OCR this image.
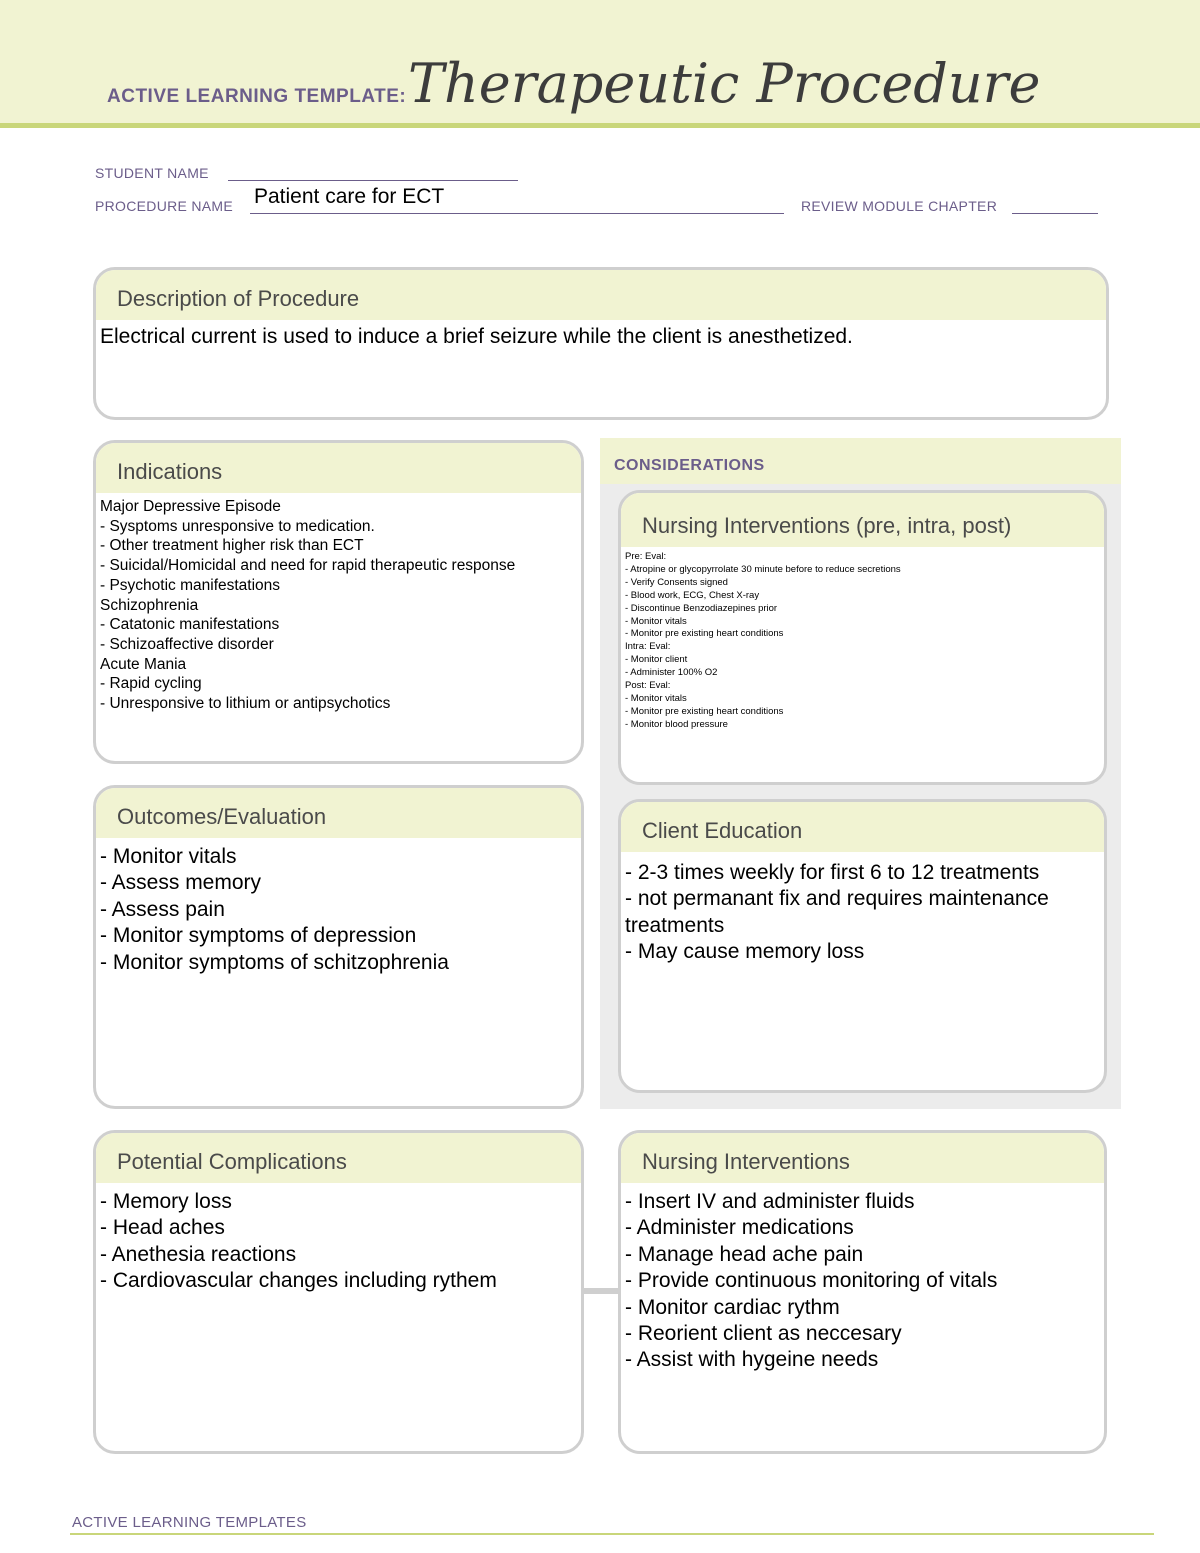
ACTIVE LEARNING TEMPLATE: Therapeutic Procedure
STUDENT NAME
PROCEDURE NAME Patient care for ECT	REVIEW MODULE CHAPTER
Description of Procedure
Electrical current is used to induce a brief seizure while the client is anesthetized.
CONSIDERATIONS
Indications
Major Depressive Episode
- Sysptoms unresponsive to medication.
- Other treatment higher risk than ECT
- Suicidal/Homicidal and need for rapid therapeutic response
- Psychotic manifestations
Schizophrenia
- Catatonic manifestations
- Schizoaffective disorder
Acute Mania
- Rapid cycling
- Unresponsive to lithium or antipsychotics
Nursing Interventions (pre, intra, post)
Pre: Eval:
- Atropine or glycopyrrolate 30 minute before to reduce secretions
- Verify Consents signed
- Blood work, ECG, Chest X-ray
- Discontinue Benzodiazepines prior
- Monitor vitals
- Monitor pre existing heart conditions
Intra: Eval:
- Monitor client
- Administer 100% O2
Post: Eval:
- Monitor vitals
- Monitor pre existing heart conditions
- Monitor blood pressure
Outcomes/Evaluation
- Monitor vitals
- Assess memory
- Assess pain
- Monitor symptoms of depression
- Monitor symptoms of schitzophrenia
Client Education
- 2-3 times weekly for first 6 to 12 treatments
- not permanant fix and requires maintenance treatments
- May cause memory loss
Potential Complications
- Memory loss
- Head aches
- Anethesia reactions
- Cardiovascular changes including rythem
Nursing Interventions
- Insert IV and administer fluids
- Administer medications
- Manage head ache pain
- Provide continuous monitoring of vitals
- Monitor cardiac rythm
- Reorient client as neccesary
- Assist with hygeine needs
ACTIVE LEARNING TEMPLATES
